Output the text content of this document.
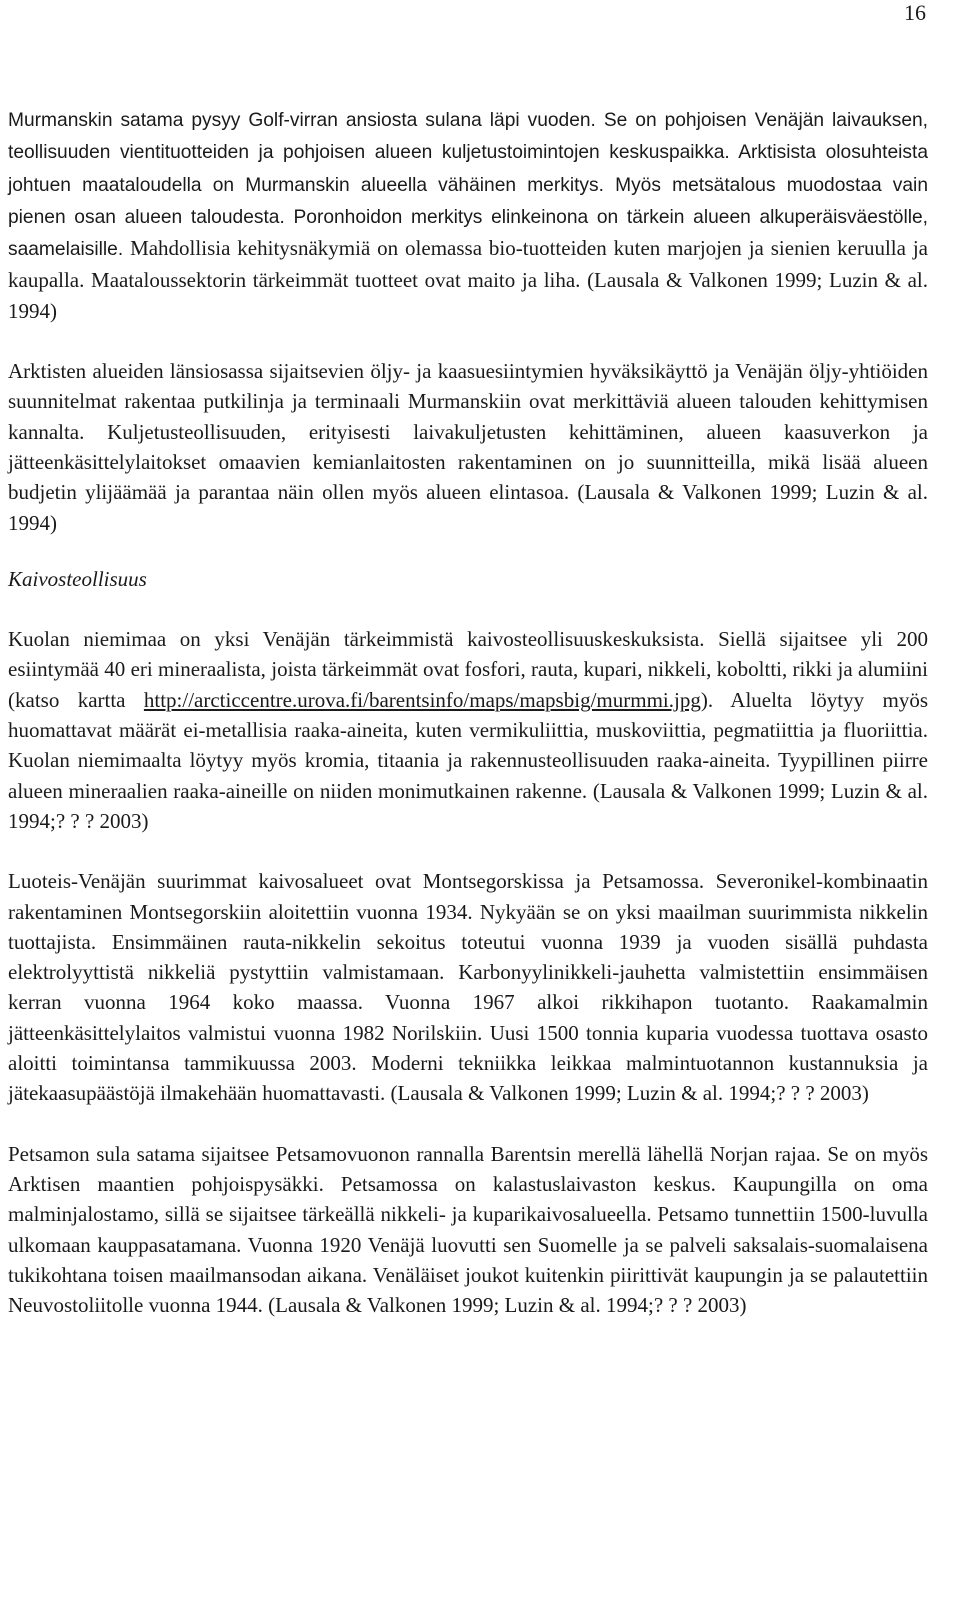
16

Murmanskin satama pysyy Golf-virran ansiosta sulana läpi vuoden. Se on pohjoisen Venäjän laivauksen, teollisuuden vientituotteiden ja pohjoisen alueen kuljetustoimintojen keskuspaikka. Arktisista olosuhteista johtuen maataloudella on Murmanskin alueella vähäinen merkitys. Myös metsätalous muodostaa vain pienen osan alueen taloudesta. Poronhoidon merkitys elinkeinona on tärkein alueen alkuperäisväestölle, saamelaisille. Mahdollisia kehitysnäkymiä on olemassa bio-tuotteiden kuten marjojen ja sienien keruulla ja kaupalla. Maataloussektorin tärkeimmät tuotteet ovat maito ja liha. (Lausala & Valkonen 1999; Luzin & al. 1994)

Arktisten alueiden länsiosassa sijaitsevien öljy- ja kaasuesiintymien hyväksikäyttö ja Venäjän öljy-yhtiöiden suunnitelmat rakentaa putkilinja ja terminaali Murmanskiin ovat merkittäviä alueen talouden kehittymisen kannalta. Kuljetusteollisuuden, erityisesti laivakuljetusten kehittäminen, alueen kaasuverkon ja jätteenkäsittelylaitokset omaavien kemianlaitosten rakentaminen on jo suunnitteilla, mikä lisää alueen budjetin ylijäämää ja parantaa näin ollen myös alueen elintasoa. (Lausala & Valkonen 1999; Luzin & al. 1994)

Kaivosteollisuus

Kuolan niemimaa on yksi Venäjän tärkeimmistä kaivosteollisuuskeskuksista. Siellä sijaitsee yli 200 esiintymää 40 eri mineraalista, joista tärkeimmät ovat fosfori, rauta, kupari, nikkeli, koboltti, rikki ja alumiini (katso kartta http://arcticcentre.urova.fi/barentsinfo/maps/mapsbig/murmmi.jpg). Aluelta löytyy myös huomattavat määrät ei-metallisia raaka-aineita, kuten vermikuliittia, muskoviittia, pegmatiittia ja fluoriittia. Kuolan niemimaalta löytyy myös kromia, titaania ja rakennusteollisuuden raaka-aineita. Tyypillinen piirre alueen mineraalien raaka-aineille on niiden monimutkainen rakenne. (Lausala & Valkonen 1999; Luzin & al. 1994;? ? ? 2003)

Luoteis-Venäjän suurimmat kaivosalueet ovat Montsegorskissa ja Petsamossa. Severonikel-kombinaatin rakentaminen Montsegorskiin aloitettiin vuonna 1934. Nykyään se on yksi maailman suurimmista nikkelin tuottajista. Ensimmäinen rauta-nikkelin sekoitus toteutui vuonna 1939 ja vuoden sisällä puhdasta elektrolyyttistä nikkeliä pystyttiin valmistamaan. Karbonyylinikkeli-jauhetta valmistettiin ensimmäisen kerran vuonna 1964 koko maassa. Vuonna 1967 alkoi rikkihapon tuotanto. Raakamalmin jätteenkäsittelylaitos valmistui vuonna 1982 Norilskiin. Uusi 1500 tonnia kuparia vuodessa tuottava osasto aloitti toimintansa tammikuussa 2003. Moderni tekniikka leikkaa malmintuotannon kustannuksia ja jätekaasupäästöjä ilmakehään huomattavasti. (Lausala & Valkonen 1999; Luzin & al. 1994;? ? ? 2003)

Petsamon sula satama sijaitsee Petsamovuonon rannalla Barentsin merellä lähellä Norjan rajaa. Se on myös Arktisen maantien pohjoispysäkki. Petsamossa on kalastuslaivaston keskus. Kaupungilla on oma malminjalostamo, sillä se sijaitsee tärkeällä nikkeli- ja kuparikaivosalueella. Petsamo tunnettiin 1500-luvulla ulkomaan kauppasatamana. Vuonna 1920 Venäjä luovutti sen Suomelle ja se palveli saksalais-suomalaisena tukikohtana toisen maailmansodan aikana. Venäläiset joukot kuitenkin piirittivät kaupungin ja se palautettiin Neuvostoliitolle vuonna 1944. (Lausala & Valkonen 1999; Luzin & al. 1994;? ? ? 2003)
